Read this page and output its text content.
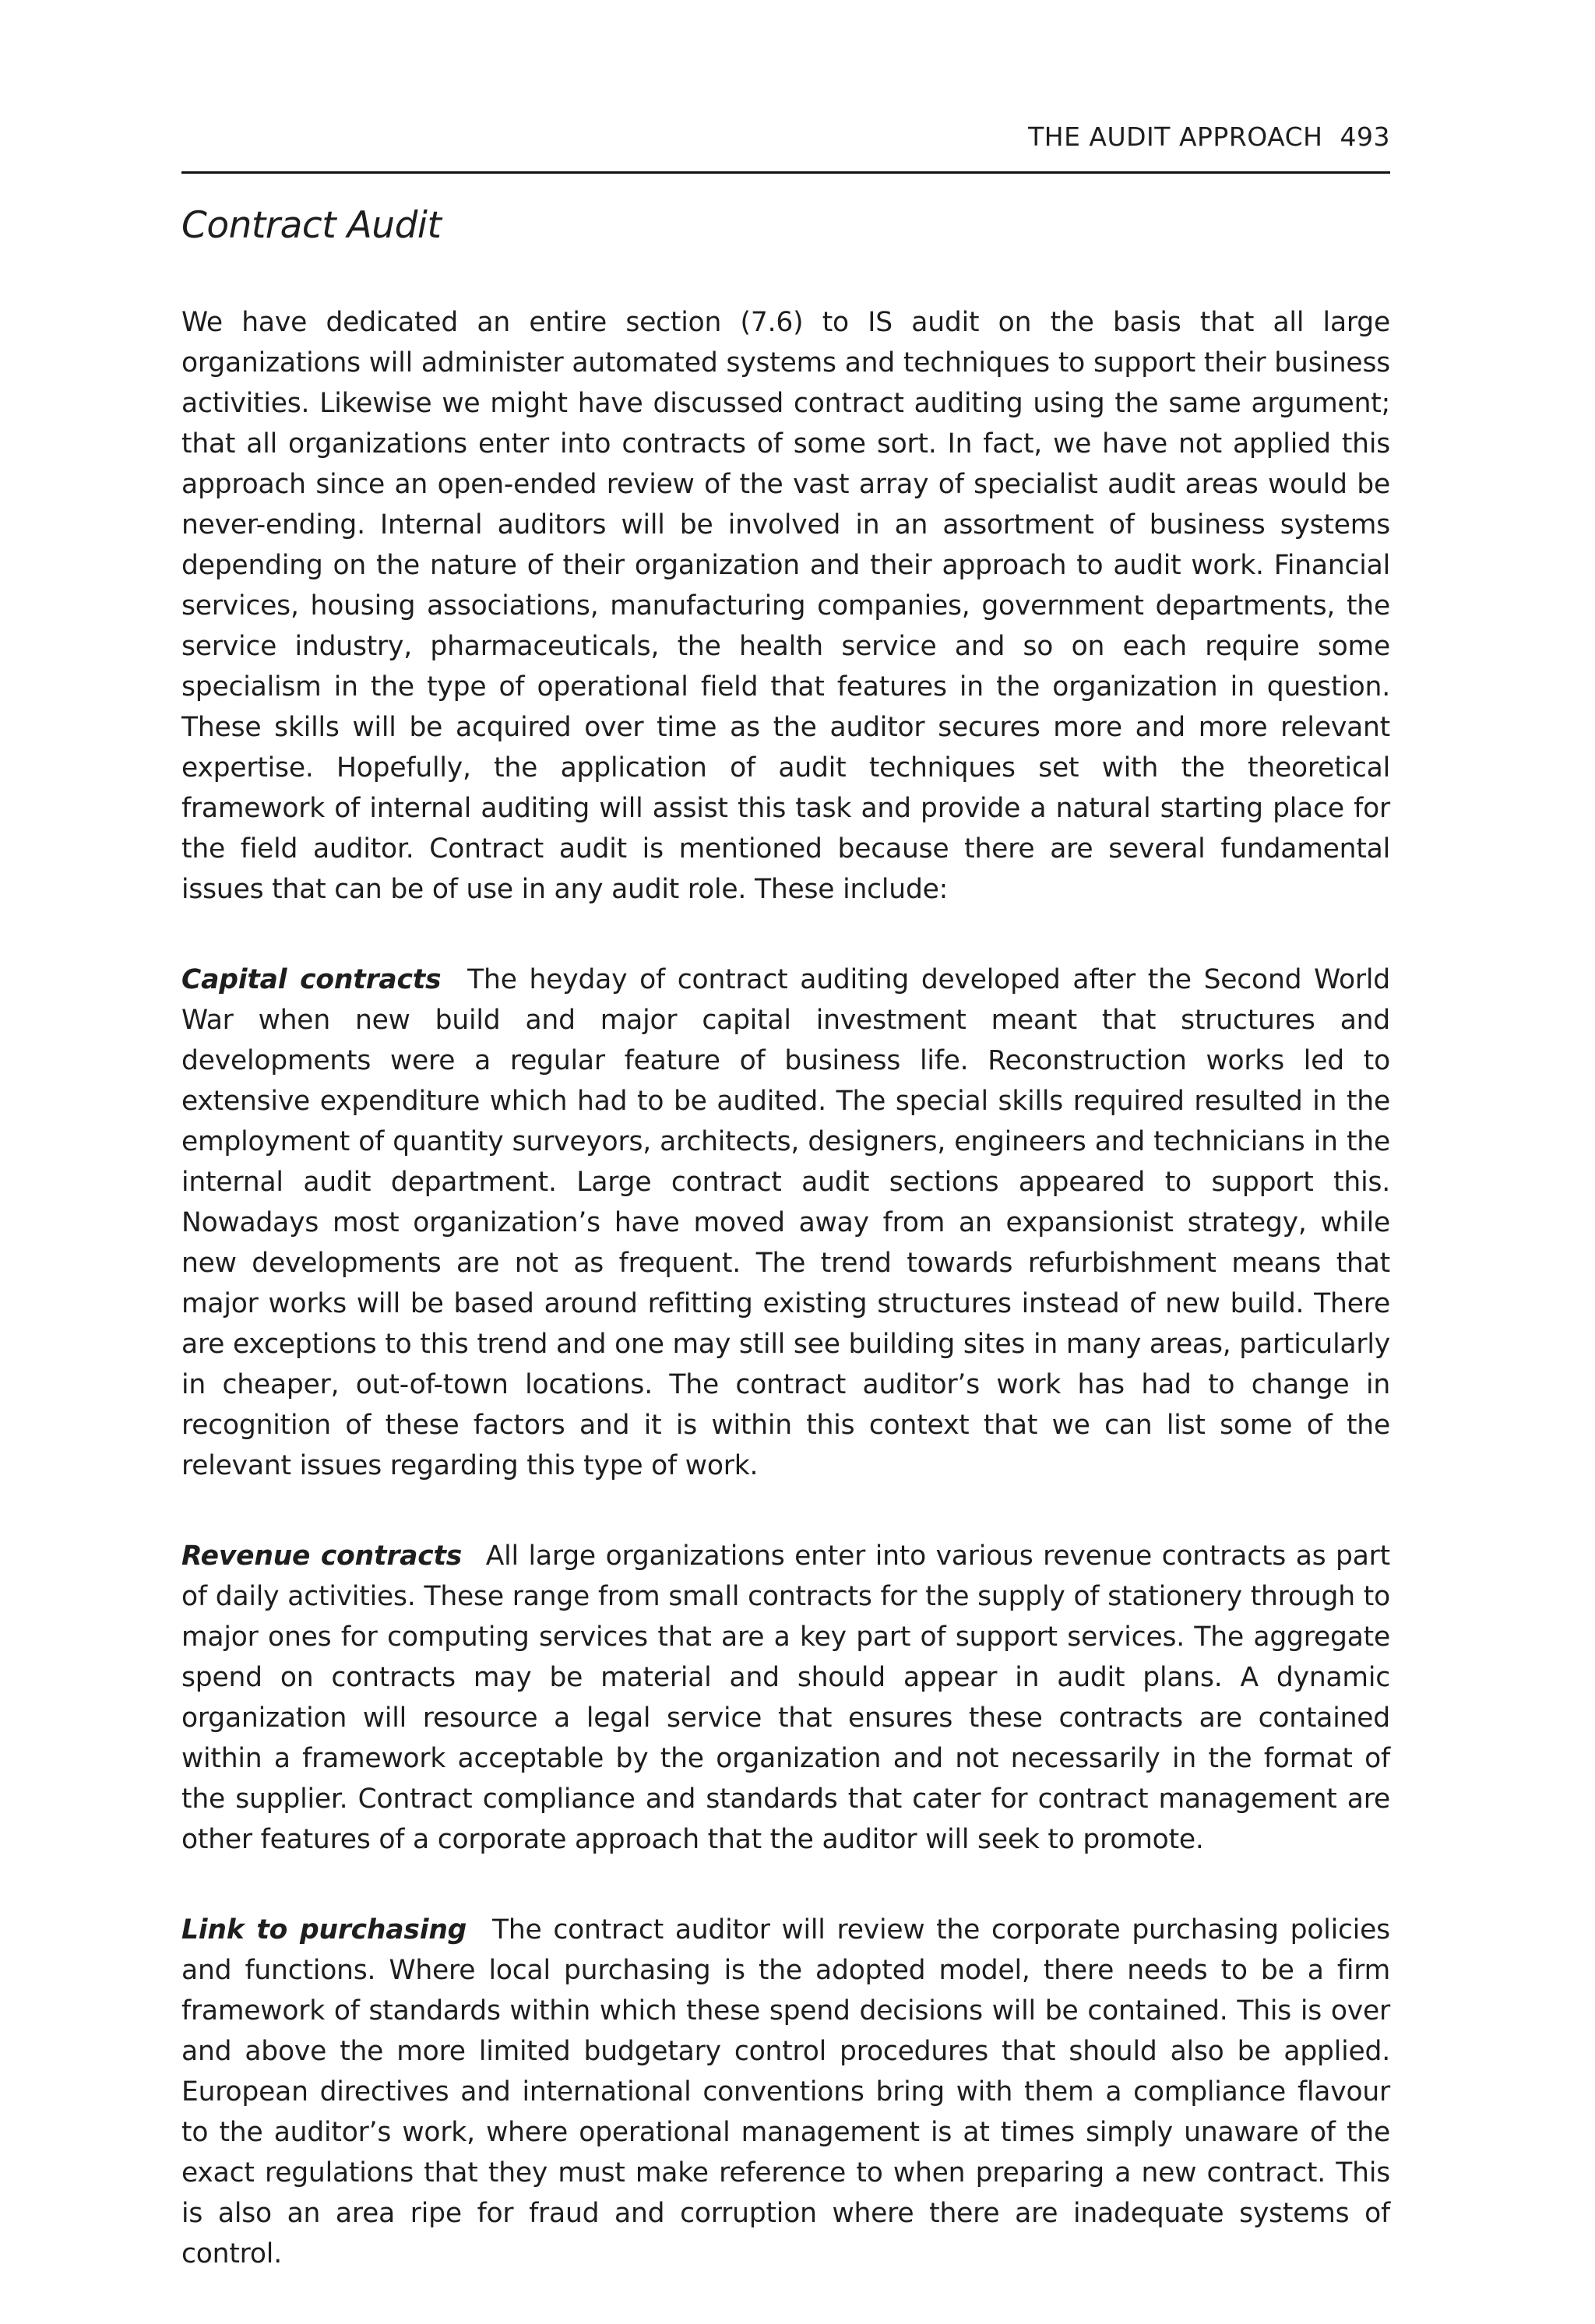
THE AUDIT APPROACH 493
Contract Audit

We have dedicated an entire section (7.6) to IS audit on the basis that all large organizations will administer automated systems and techniques to support their business activities. Likewise we might have discussed contract auditing using the same argument; that all organizations enter into contracts of some sort. In fact, we have not applied this approach since an open-ended review of the vast array of specialist audit areas would be never-ending. Internal auditors will be involved in an assortment of business systems depending on the nature of their organization and their approach to audit work. Financial services, housing associations, manufacturing companies, government departments, the service industry, pharmaceuticals, the health service and so on each require some specialism in the type of operational field that features in the organization in question. These skills will be acquired over time as the auditor secures more and more relevant expertise. Hopefully, the application of audit techniques set with the theoretical framework of internal auditing will assist this task and provide a natural starting place for the field auditor. Contract audit is mentioned because there are several fundamental issues that can be of use in any audit role. These include:

Capital contracts The heyday of contract auditing developed after the Second World War when new build and major capital investment meant that structures and developments were a regular feature of business life. Reconstruction works led to extensive expenditure which had to be audited. The special skills required resulted in the employment of quantity surveyors, architects, designers, engineers and technicians in the internal audit department. Large contract audit sections appeared to support this. Nowadays most organization’s have moved away from an expansionist strategy, while new developments are not as frequent. The trend towards refurbishment means that major works will be based around refitting existing structures instead of new build. There are exceptions to this trend and one may still see building sites in many areas, particularly in cheaper, out-of-town locations. The contract auditor’s work has had to change in recognition of these factors and it is within this context that we can list some of the relevant issues regarding this type of work.

Revenue contracts All large organizations enter into various revenue contracts as part of daily activities. These range from small contracts for the supply of stationery through to major ones for computing services that are a key part of support services. The aggregate spend on contracts may be material and should appear in audit plans. A dynamic organization will resource a legal service that ensures these contracts are contained within a framework acceptable by the organization and not necessarily in the format of the supplier. Contract compliance and standards that cater for contract management are other features of a corporate approach that the auditor will seek to promote.

Link to purchasing The contract auditor will review the corporate purchasing policies and functions. Where local purchasing is the adopted model, there needs to be a firm framework of standards within which these spend decisions will be contained. This is over and above the more limited budgetary control procedures that should also be applied. European directives and international conventions bring with them a compliance flavour to the auditor’s work, where operational management is at times simply unaware of the exact regulations that they must make reference to when preparing a new contract. This is also an area ripe for fraud and corruption where there are inadequate systems of control.
